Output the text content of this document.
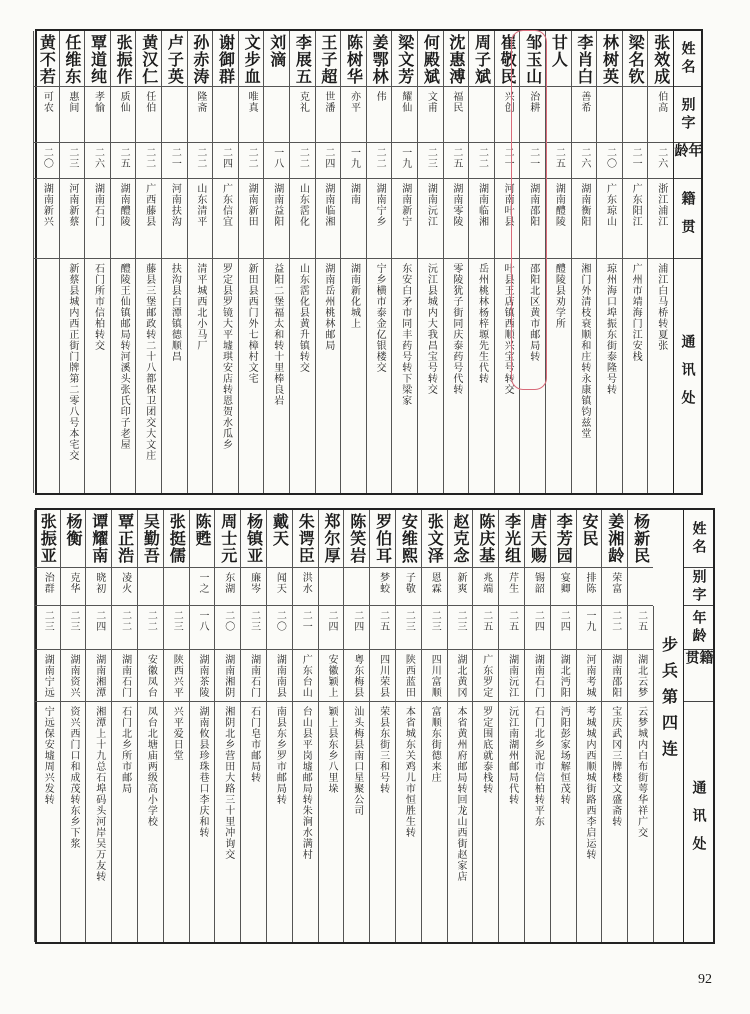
姓名
别字
年龄
籍贯
通讯处
张效成
伯高
二六
浙江浦江
浦江白马桥转夏张
梁名钦
二一
广东阳江
广州市靖海门江安栈
林树英
二〇
广东琼山
琼州海口埠振东街泰隆号转
李肖白
善希
二六
湖南衡阳
湘门外清枝衰顺和庄转永康镇钧兹堂
甘人
二五
湖南醴陵
醴陵县劝学所
邹玉山
治耕
二一
湖南邵阳
邵阳北区黄市邮局转
崔敬民
兴创
二一
河南叶县
叶县王店镇西顺兴宝号转交
周子斌
二二
湖南临湘
岳州桃林杨梓塬先生代转
沈惠溥
福民
二五
湖南零陵
零陵犹子街同庆泰药号代转
何殿斌
文甫
二三
湖南沅江
沅江县城内大我昌宝号转交
梁文芳
耀仙
一九
湖南新宁
东安白矛市同丰药号转下梁家
姜鄂林
伟
二二
湖南宁乡
宁乡横市泰金亿银楼交
陈树华
亦平
一九
湖南
湖南新化城上
王子超
世潘
二四
湖南临湘
湖南岳州桃林邮局
李展五
克礼
二二
山东霑化
山东霑化县黄升镇转交
刘滴
一八
湖南益阳
益阳二堡福太和转十里棒良岩
文步血
唯真
二二
湖南新田
新田县西门外七樟村文宅
谢御群
二四
广东信宜
罗定县罗镜大平墟琪安店转恩贺水瓜乡
孙赤涛
隆斋
二二
山东清平
清平城西北小马厂
卢子英
二一
河南扶沟
扶沟县白潭镇德顺昌
黄汉仁
任伯
二二
广西藤县
藤县三堡邮政转二十八都保卫团交大文庄
张振作
质仙
二五
湖南醴陵
醴陵王仙镇邮局转河溪头张氏印子老屋
覃道纯
孝愉
二六
湖南石门
石门所市信柏转交
任维东
惠间
二三
河南新蔡
新蔡县城内西正街门牌第二零八号本宅交
黄不若
可农
二〇
湖南新兴
姓名
别字
年龄
籍贯
通讯处
步兵第四连
杨新民
二五
湖北云梦
云梦城内白布街萼华祥广交
姜湘龄
荣富
二二
湖南邵阳
宝庆武冈三牌楼文盛斋转
安民
排陈
一九
河南考城
考城城内西顺城街路西李启运转
李芳园
宴卿
二四
湖北沔阳
沔阳彭家场解恒茂转
唐天赐
锡韶
二四
湖南石门
石门北乡泥市信柏转平东
李光组
芹生
二五
湖南沅江
沅江南湖州邮局代转
陈庆基
兆端
二五
广东罗定
罗定围底就泰栈转
赵克念
新爽
二三
湖北黄冈
本省黄州府邮局转回龙山西街赵家店
张文泽
恩霖
二三
四川富顺
富顺东街德来庄
安维熙
子敬
二三
陕西蓝田
本省城东关鸡儿市恒胜生转
罗伯耳
梦蛟
二五
四川荣县
荣县东街三和号转
陈笑岩
二四
粤东梅县
汕头梅县南口星聚公司
郑尔厚
二四
安徽颖上
颖上县东乡八里垛
朱谔臣
洪水
二一
广东台山
台山县平岗墟邮局转朱涧水满村
戴天
闻天
二〇
湖南南县
南县东乡罗市邮局转
杨镇亚
廉岑
二三
湖南石门
石门皂市邮局转
周士元
东湖
二〇
湖南湘阴
湘阴北乡营田大路三十里冲询交
陈甦
一之
一八
湖南茶陵
湖南攸县珍珠巷口李庆和转
张挺儒
二三
陕西兴平
兴平爱日堂
吴勤吾
二二
安徽凤台
凤台北塘庙两级高小学校
覃正浩
凌火
二二
湖南石门
石门北乡所市邮局
谭耀南
晓初
二四
湖南湘潭
湘潭上十九总石埠码头河岸吴万友转
杨衡
克华
二三
湖南资兴
资兴西门口和成茂转东乡下浆
张振亚
治群
二三
湖南宁远
宁远保安墟周兴发转
92
